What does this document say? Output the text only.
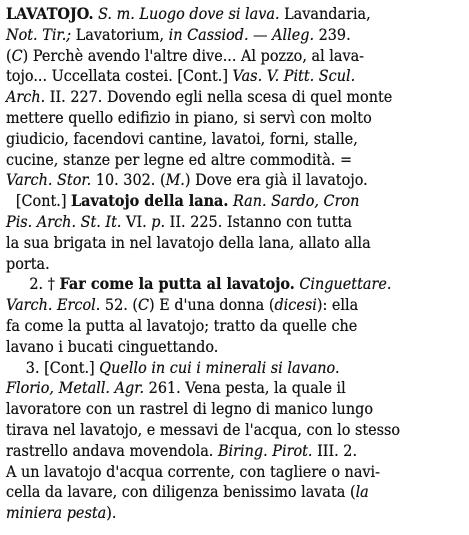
LAVATOJO. S. m. Luogo dove si lava. Lavandaria,
Not. Tir.; Lavatorium, in Cassiod. — Alleg. 239.
(C) Perchè avendo l'altre dive... Al pozzo, al lava-
tojo... Uccellata costei. [Cont.] Vas. V. Pitt. Scul.
Arch. II. 227. Dovendo egli nella scesa di quel monte
mettere quello edifizio in piano, si servì con molto
giudicio, facendovi cantine, lavatoi, forni, stalle,
cucine, stanze per legne ed altre commodità. =
Varch. Stor. 10. 302. (M.) Dove era già il lavatojo.
[Cont.] Lavatojo della lana. Ran. Sardo, Cron
Pis. Arch. St. It. VI. p. II. 225. Istanno con tutta
la sua brigata in nel lavatojo della lana, allato alla
porta.
2. † Far come la putta al lavatojo. Cinguettare.
Varch. Ercol. 52. (C) E d'una donna (dicesi): ella
fa come la putta al lavatojo; tratto da quelle che
lavano i bucati cinguettando.
3. [Cont.] Quello in cui i minerali si lavano.
Florio, Metall. Agr. 261. Vena pesta, la quale il
lavoratore con un rastrel di legno di manico lungo
tirava nel lavatojo, e messavi de l'acqua, con lo stesso
rastrello andava movendola. Biring. Pirot. III. 2.
A un lavatojo d'acqua corrente, con tagliere o navi-
cella da lavare, con diligenza benissimo lavata (la
miniera pesta).
